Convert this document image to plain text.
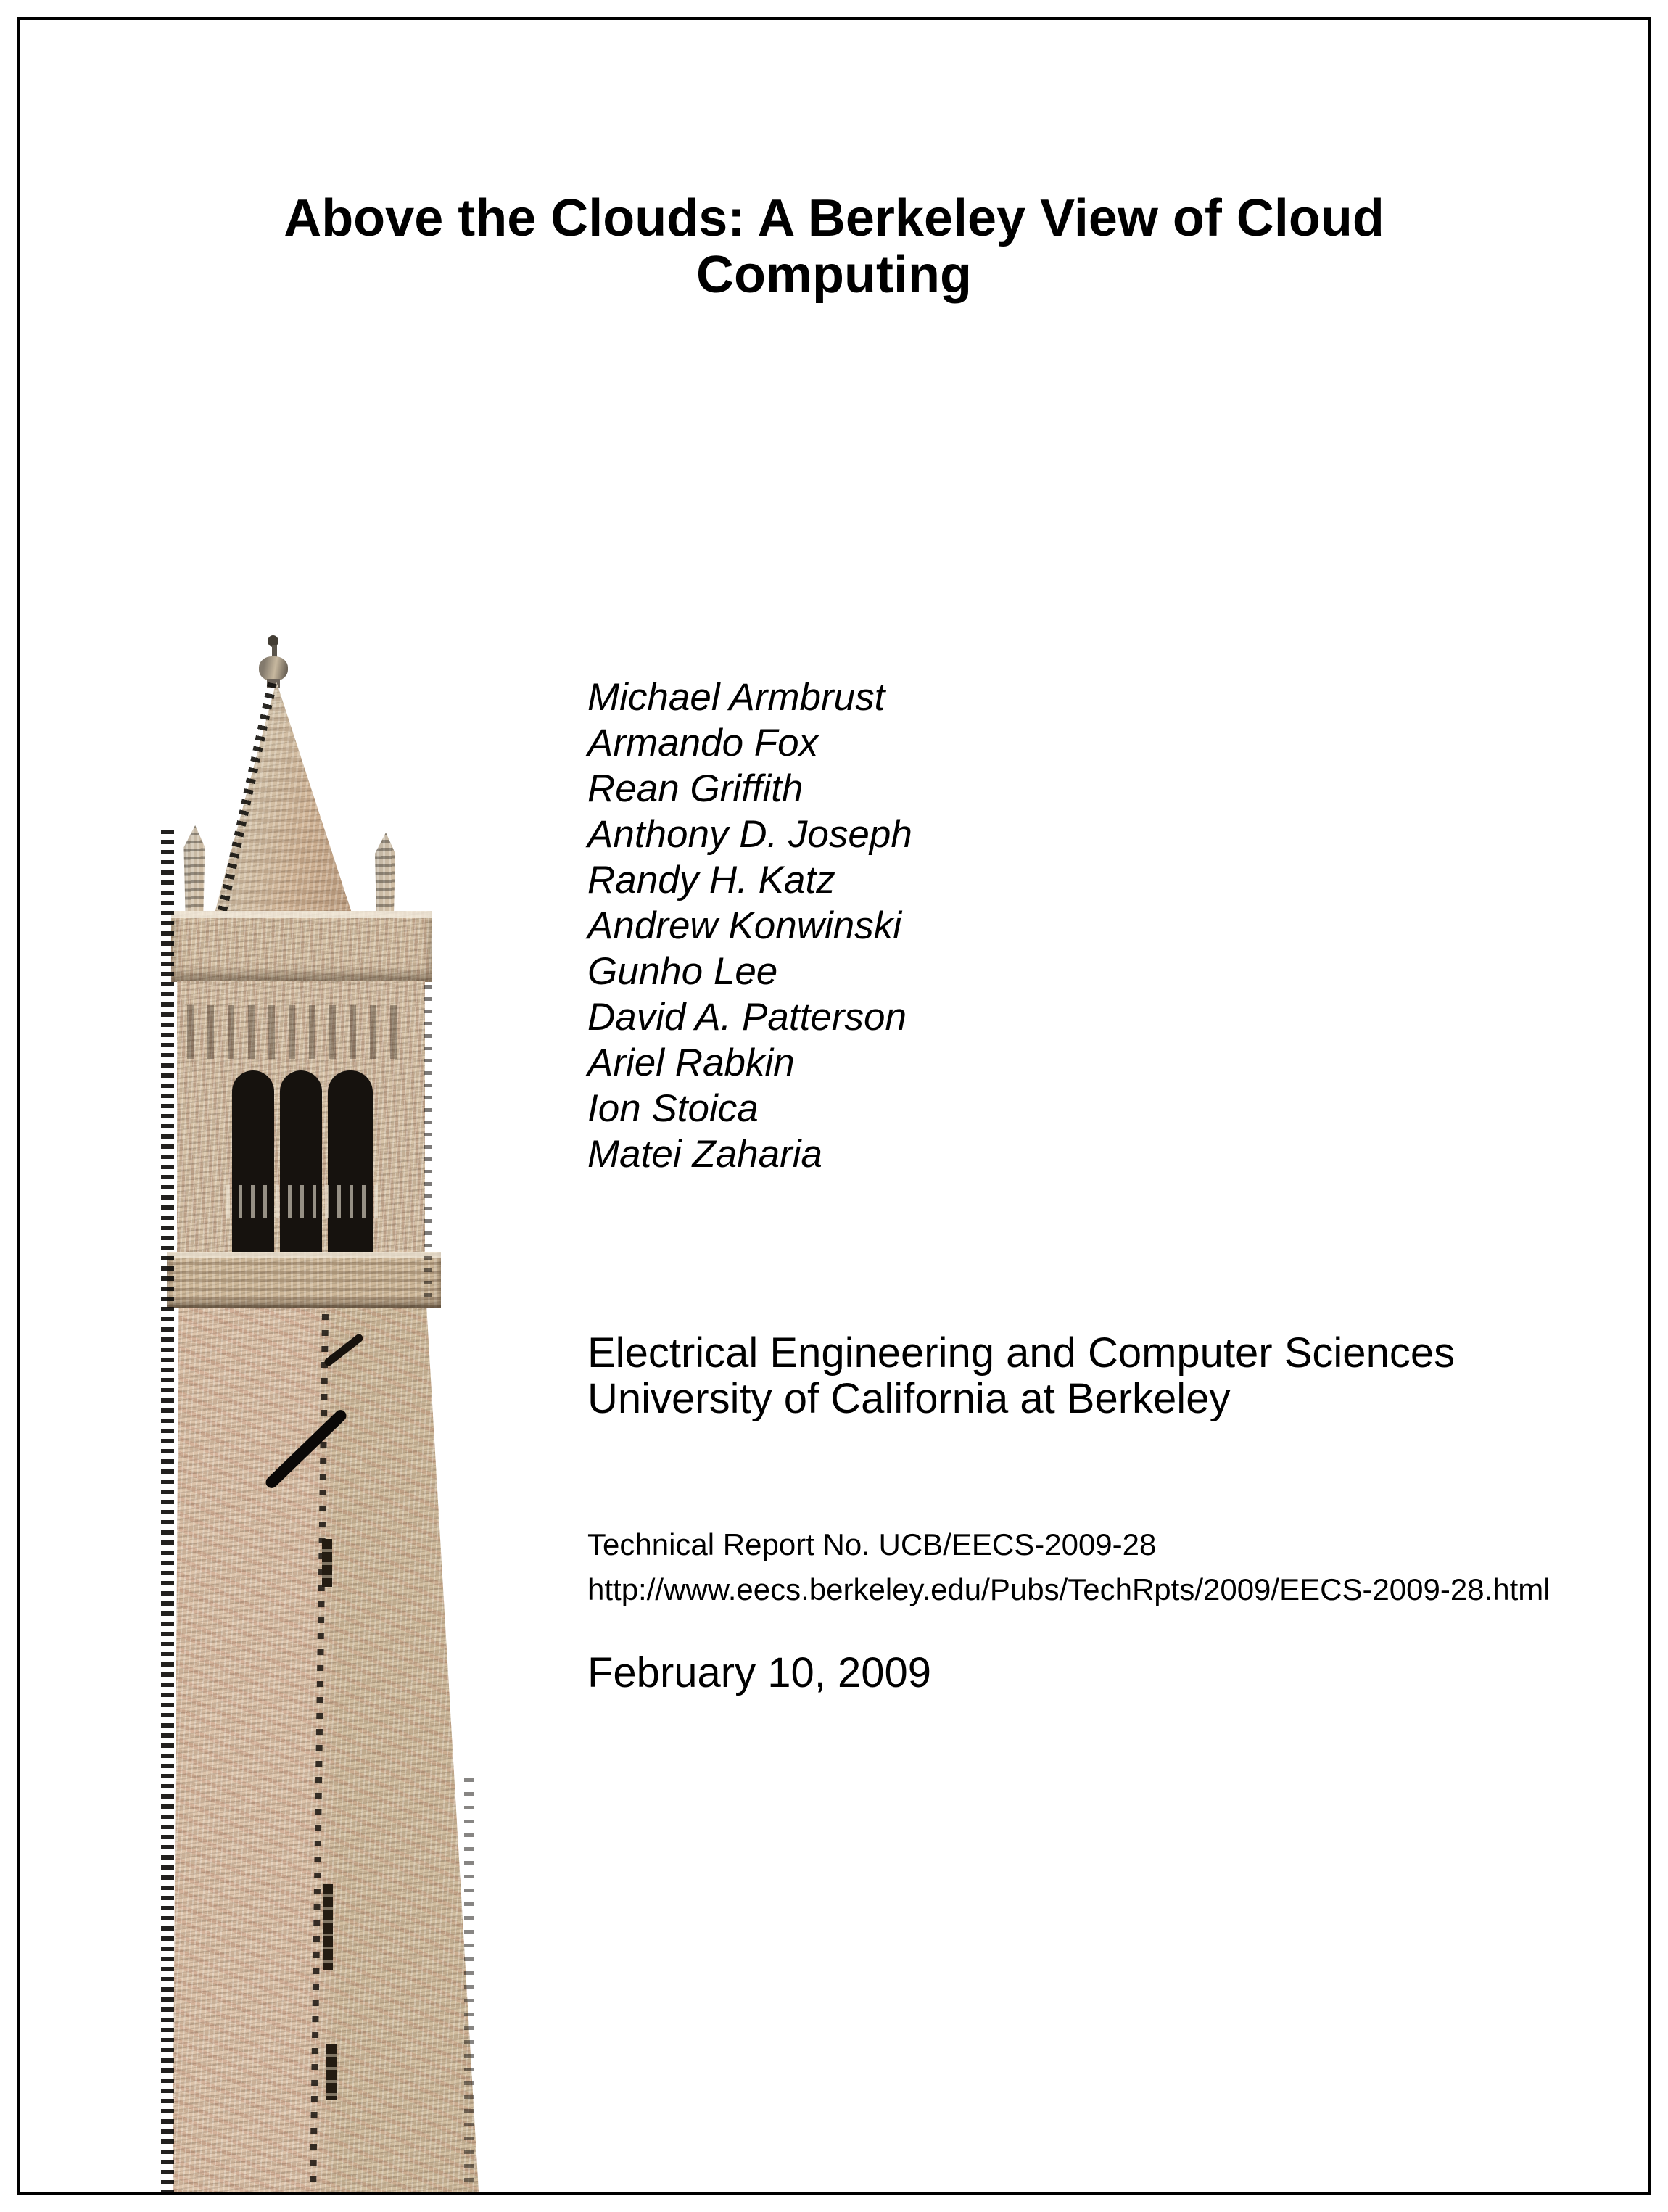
Above the Clouds: A Berkeley View of Cloud
Computing
Michael Armbrust
Armando Fox
Rean Griffith
Anthony D. Joseph
Randy H. Katz
Andrew Konwinski
Gunho Lee
David A. Patterson
Ariel Rabkin
Ion Stoica
Matei Zaharia
Electrical Engineering and Computer Sciences
University of California at Berkeley
Technical Report No. UCB/EECS-2009-28
http://www.eecs.berkeley.edu/Pubs/TechRpts/2009/EECS-2009-28.html
February 10, 2009
